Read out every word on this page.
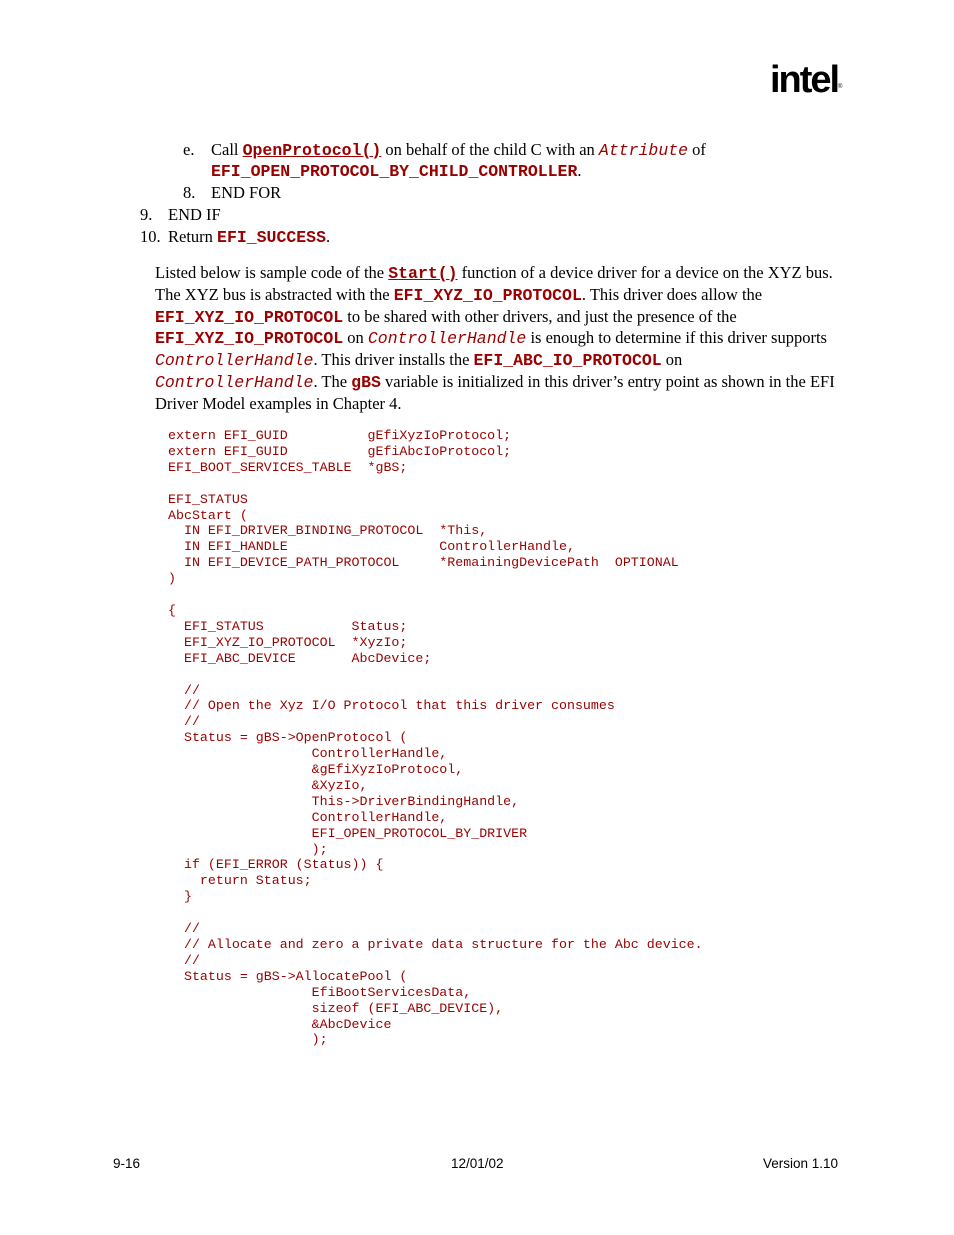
intel ®
e. Call OpenProtocol() on behalf of the child C with an Attribute of
EFI_OPEN_PROTOCOL_BY_CHILD_CONTROLLER.
8. END FOR
9. END IF
10. Return EFI_SUCCESS.
Listed below is sample code of the Start() function of a device driver for a device on the XYZ bus. The XYZ bus is abstracted with the EFI_XYZ_IO_PROTOCOL. This driver does allow the EFI_XYZ_IO_PROTOCOL to be shared with other drivers, and just the presence of the EFI_XYZ_IO_PROTOCOL on ControllerHandle is enough to determine if this driver supports ControllerHandle. This driver installs the EFI_ABC_IO_PROTOCOL on ControllerHandle. The gBS variable is initialized in this driver’s entry point as shown in the EFI Driver Model examples in Chapter 4.
extern EFI_GUID          gEfiXyzIoProtocol;
extern EFI_GUID          gEfiAbcIoProtocol;
EFI_BOOT_SERVICES_TABLE  *gBS;

EFI_STATUS
AbcStart (
IN EFI_DRIVER_BINDING_PROTOCOL  *This,
IN EFI_HANDLE                   ControllerHandle,
IN EFI_DEVICE_PATH_PROTOCOL     *RemainingDevicePath  OPTIONAL
)

{
EFI_STATUS           Status;
EFI_XYZ_IO_PROTOCOL  *XyzIo;
EFI_ABC_DEVICE       AbcDevice;

//
// Open the Xyz I/O Protocol that this driver consumes
//
Status = gBS->OpenProtocol (
ControllerHandle,
&gEfiXyzIoProtocol,
&XyzIo,
This->DriverBindingHandle,
ControllerHandle,
EFI_OPEN_PROTOCOL_BY_DRIVER
);
if (EFI_ERROR (Status)) {
return Status;
}

//
// Allocate and zero a private data structure for the Abc device.
//
Status = gBS->AllocatePool (
EfiBootServicesData,
sizeof (EFI_ABC_DEVICE),
&AbcDevice
);
9-16	12/01/02	Version 1.10
